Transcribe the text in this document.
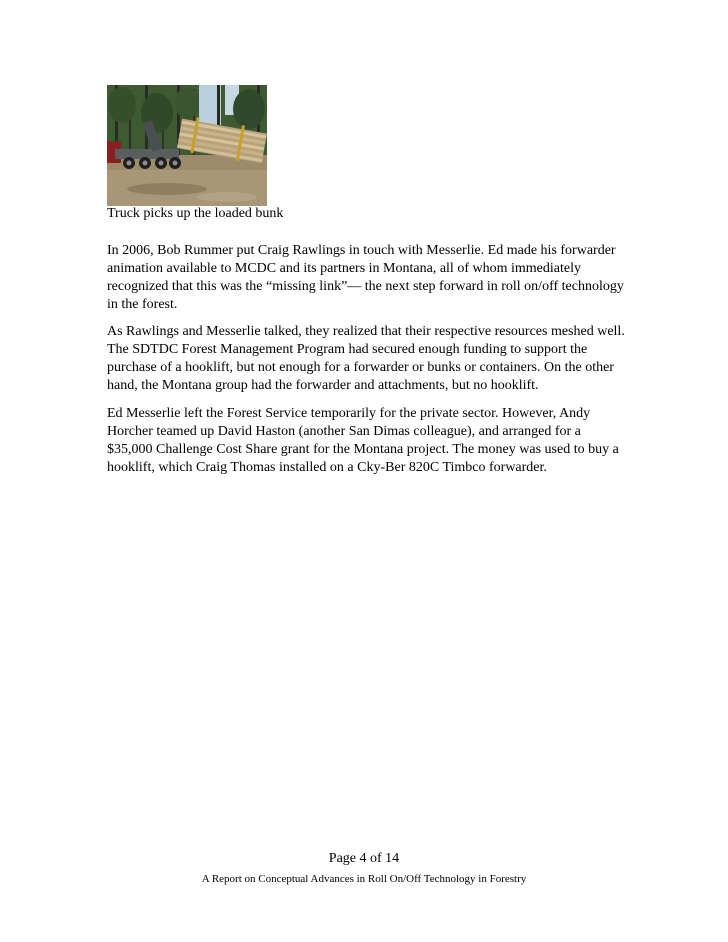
Truck picks up the loaded bunk

In 2006, Bob Rummer put Craig Rawlings in touch with Messerlie. Ed made his forwarder animation available to MCDC and its partners in Montana, all of whom immediately recognized that this was the “missing link”— the next step forward in roll on/off technology in the forest.

As Rawlings and Messerlie talked, they realized that their respective resources meshed well. The SDTDC Forest Management Program had secured enough funding to support the purchase of a hooklift, but not enough for a forwarder or bunks or containers. On the other hand, the Montana group had the forwarder and attachments, but no hooklift.

Ed Messerlie left the Forest Service temporarily for the private sector. However, Andy Horcher teamed up David Haston (another San Dimas colleague), and arranged for a $35,000 Challenge Cost Share grant for the Montana project. The money was used to buy a hooklift, which Craig Thomas installed on a Cky-Ber 820C Timbco forwarder.

Page 4 of 14
A Report on Conceptual Advances in Roll On/Off Technology in Forestry
